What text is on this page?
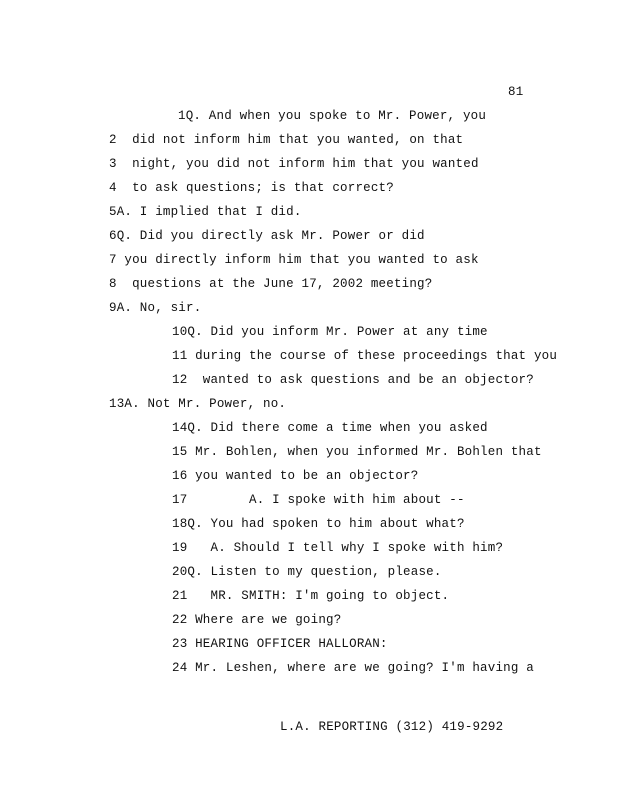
81
1Q. And when you spoke to Mr. Power, you
2  did not inform him that you wanted, on that
3  night, you did not inform him that you wanted
4  to ask questions; is that correct?
5A. I implied that I did.
6Q. Did you directly ask Mr. Power or did
7 you directly inform him that you wanted to ask
8  questions at the June 17, 2002 meeting?
9A. No, sir.
10Q. Did you inform Mr. Power at any time
11 during the course of these proceedings that you
12  wanted to ask questions and be an objector?
13A. Not Mr. Power, no.
14Q. Did there come a time when you asked
15 Mr. Bohlen, when you informed Mr. Bohlen that
16 you wanted to be an objector?
17        A. I spoke with him about --
18Q. You had spoken to him about what?
19   A. Should I tell why I spoke with him?
20Q. Listen to my question, please.
21   MR. SMITH: I'm going to object.
22 Where are we going?
23 HEARING OFFICER HALLORAN:
24 Mr. Leshen, where are we going? I'm having a
L.A. REPORTING (312) 419-9292
